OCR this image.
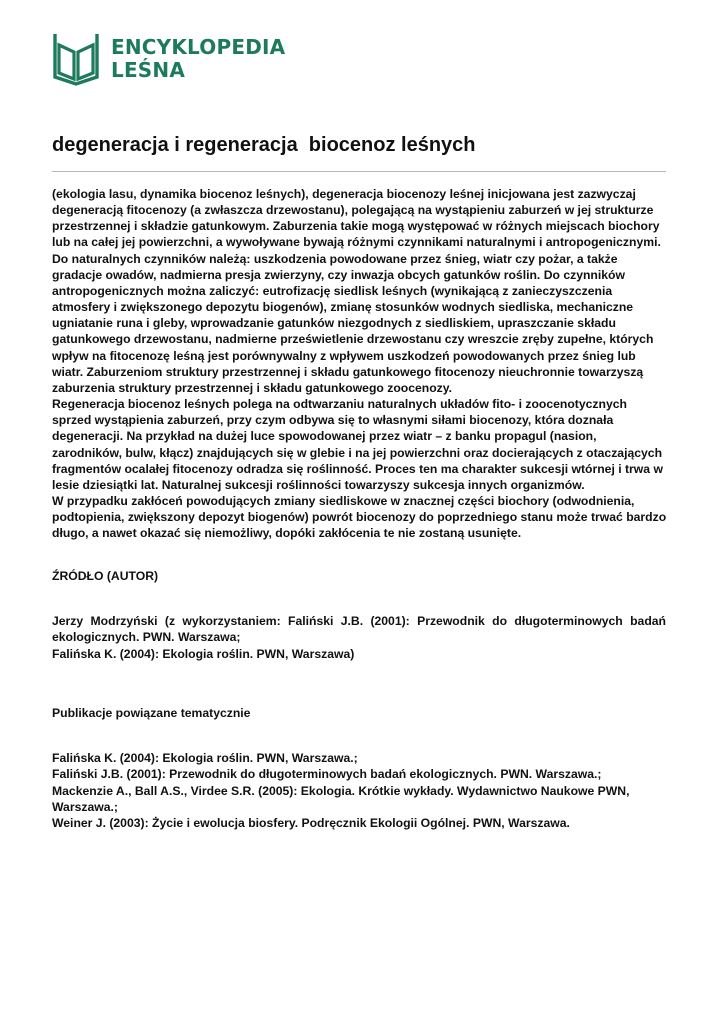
ENCYKLOPEDIA
LEŚNA
degeneracja i regeneracja  biocenoz leśnych

(ekologia lasu, dynamika biocenoz leśnych), degeneracja biocenozy leśnej inicjowana jest zazwyczaj degeneracją fitocenozy (a zwłaszcza drzewostanu), polegającą na wystąpieniu zaburzeń w jej strukturze przestrzennej i składzie gatunkowym. Zaburzenia takie mogą występować w różnych miejscach biochory lub na całej jej powierzchni, a wywoływane bywają różnymi czynnikami naturalnymi i antropogenicznymi. Do naturalnych czynników należą: uszkodzenia powodowane przez śnieg, wiatr czy pożar, a także gradacje owadów, nadmierna presja zwierzyny, czy inwazja obcych gatunków roślin. Do czynników antropogenicznych można zaliczyć: eutrofizację siedlisk leśnych (wynikającą z zanieczyszczenia atmosfery i zwiększonego depozytu biogenów), zmianę stosunków wodnych siedliska, mechaniczne ugniatanie runa i gleby, wprowadzanie gatunków niezgodnych z siedliskiem, upraszczanie składu gatunkowego drzewostanu, nadmierne prześwietlenie drzewostanu czy wreszcie zręby zupełne, których wpływ na fitocenozę leśną jest porównywalny z wpływem uszkodzeń powodowanych przez śnieg lub wiatr. Zaburzeniom struktury przestrzennej i składu gatunkowego fitocenozy nieuchronnie towarzyszą zaburzenia struktury przestrzennej i składu gatunkowego zoocenozy.

Regeneracja biocenoz leśnych polega na odtwarzaniu naturalnych układów fito- i zoocenotycznych sprzed wystąpienia zaburzeń, przy czym odbywa się to własnymi siłami biocenozy, która doznała degeneracji. Na przykład na dużej luce spowodowanej przez wiatr – z banku propagul (nasion, zarodników, bulw, kłącz) znajdujących się w glebie i na jej powierzchni oraz docierających z otaczających fragmentów ocalałej fitocenozy odradza się roślinność. Proces ten ma charakter sukcesji wtórnej i trwa w lesie dziesiątki lat. Naturalnej sukcesji roślinności towarzyszy sukcesja innych organizmów.

W przypadku zakłóceń powodujących zmiany siedliskowe w znacznej części biochory (odwodnienia, podtopienia, zwiększony depozyt biogenów) powrót biocenozy do poprzedniego stanu może trwać bardzo długo, a nawet okazać się niemożliwy, dopóki zakłócenia te nie zostaną usunięte.

ŹRÓDŁO (AUTOR)

Jerzy Modrzyński (z wykorzystaniem: Faliński J.B. (2001): Przewodnik do długoterminowych badań ekologicznych. PWN. Warszawa;

Falińska K. (2004): Ekologia roślin. PWN, Warszawa)

Publikacje powiązane tematycznie

Falińska K. (2004): Ekologia roślin. PWN, Warszawa.;

Faliński J.B. (2001): Przewodnik do długoterminowych badań ekologicznych. PWN. Warszawa.;

Mackenzie A., Ball A.S., Virdee S.R. (2005): Ekologia. Krótkie wykłady. Wydawnictwo Naukowe PWN, Warszawa.;

Weiner J. (2003): Życie i ewolucja biosfery. Podręcznik Ekologii Ogólnej. PWN, Warszawa.
